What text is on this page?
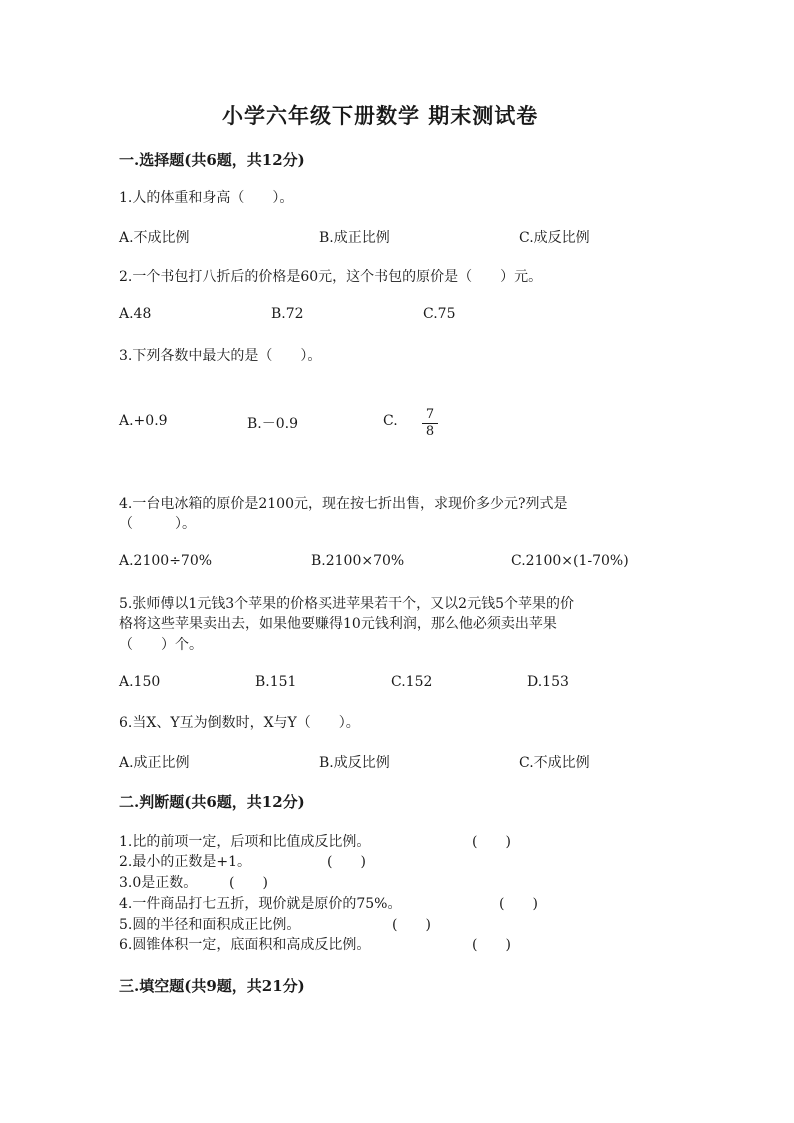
小学六年级下册数学 期末测试卷
一.选择题(共6题，共12分)
1.人的体重和身高（　　）。
A.不成比例	B.成正比例	C.成反比例
2.一个书包打八折后的价格是60元，这个书包的原价是（　　）元。
A.48	B.72	C.75
3.下列各数中最大的是（　　）。
A.+0.9	B.－0.9	C. 7
8
4.一台电冰箱的原价是2100元，现在按七折出售，求现价多少元?列式是
（　　　）。
A.2100÷70%	B.2100×70%	C.2100×(1-70%)
5.张师傅以1元钱3个苹果的价格买进苹果若干个，又以2元钱5个苹果的价
格将这些苹果卖出去，如果他要赚得10元钱利润，那么他必须卖出苹果
（　　）个。
A.150	B.151	C.152	D.153
6.当X、Y互为倒数时，X与Y（　　）。
A.成正比例	B.成反比例	C.不成比例
二.判断题(共6题，共12分)
1.比的前项一定，后项和比值成反比例。	(　　)
2.最小的正数是+1。	(　　)
3.0是正数。 (　　)
4.一件商品打七五折，现价就是原价的75%。	(　　)
5.圆的半径和面积成正比例。	(　　)
6.圆锥体积一定，底面积和高成反比例。	(　　)
三.填空题(共9题，共21分)
